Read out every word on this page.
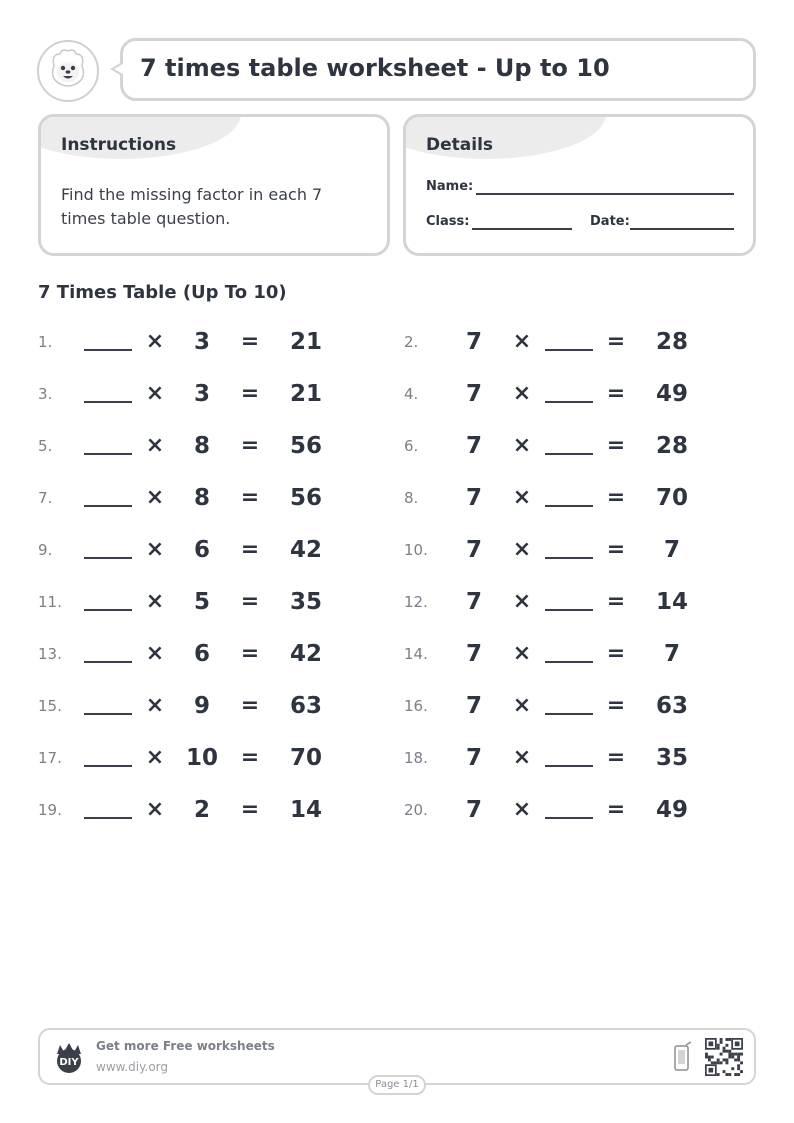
7 times table worksheet - Up to 10
Instructions
Find the missing factor in each 7 times table question.
Details
Name:
Class:	Date:
7 Times Table (Up To 10)
1.	×	3	=	21
3.	×	3	=	21
5.	×	8	=	56
7.	×	8	=	56
9.	×	6	=	42
11.	×	5	=	35
13.	×	6	=	42
15.	×	9	=	63
17.	× 10 =	70
19.	×	2	=	14
2.	7	×	=	28
4.	7	×	=	49
6.	7	×	=	28
8.	7	×	=	70
10.	7	×	=	7
12.	7	×	=	14
14.	7	×	=	7
16.	7	×	=	63
18.	7	×	=	35
20.	7	×	=	49
DIY
Get more Free worksheets
www.diy.org
Page 1/1
